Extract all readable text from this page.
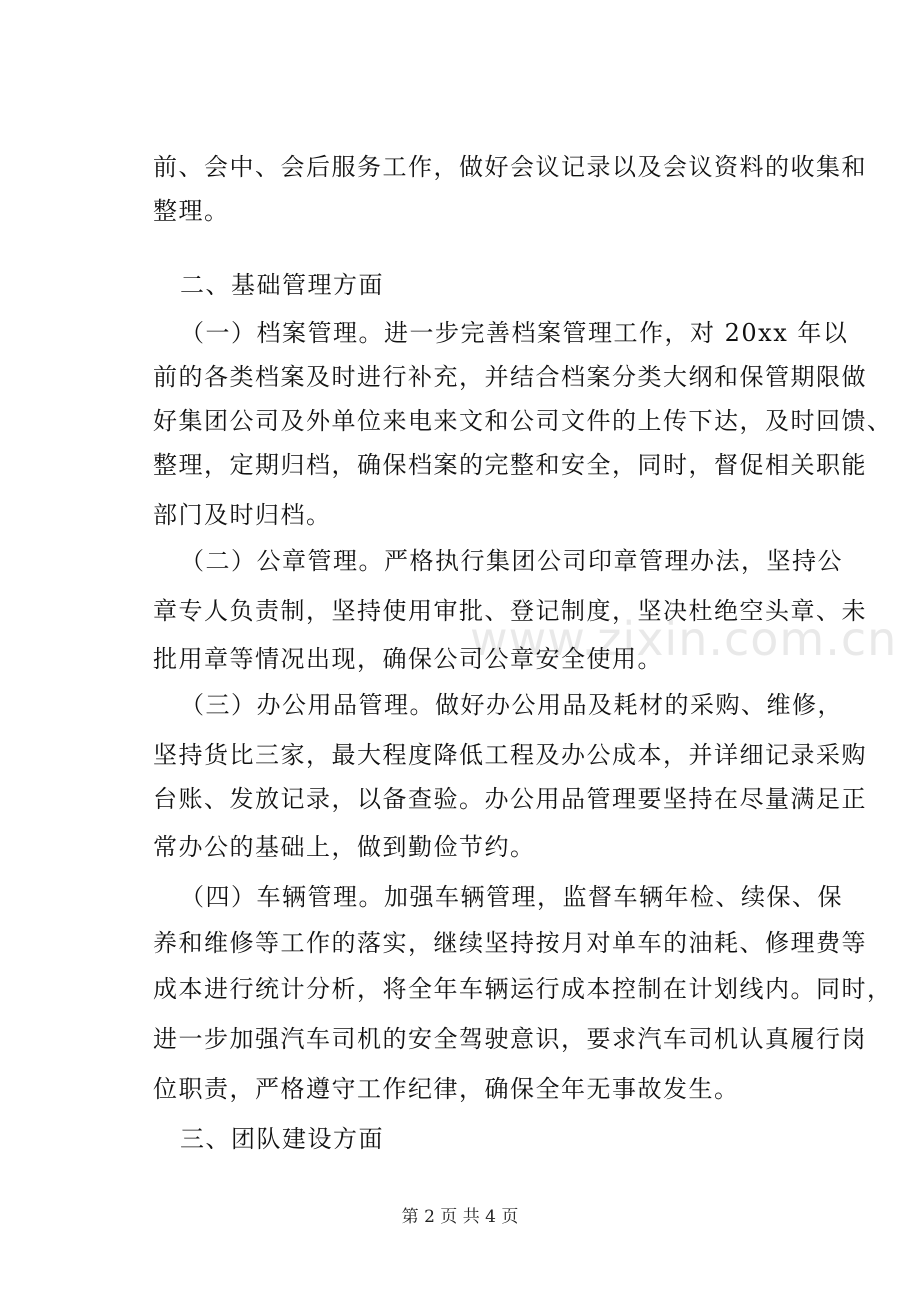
www.zixin.com.cn
前、会中、会后服务工作，做好会议记录以及会议资料的收集和
整理。
二、基础管理方面
（一）档案管理。进一步完善档案管理工作，对 20xx 年以
前的各类档案及时进行补充，并结合档案分类大纲和保管期限做
好集团公司及外单位来电来文和公司文件的上传下达，及时回馈、
整理，定期归档，确保档案的完整和安全，同时，督促相关职能
部门及时归档。
（二）公章管理。严格执行集团公司印章管理办法，坚持公
章专人负责制，坚持使用审批、登记制度，坚决杜绝空头章、未
批用章等情况出现，确保公司公章安全使用。
（三）办公用品管理。做好办公用品及耗材的采购、维修，
坚持货比三家，最大程度降低工程及办公成本，并详细记录采购
台账、发放记录，以备查验。办公用品管理要坚持在尽量满足正
常办公的基础上，做到勤俭节约。
（四）车辆管理。加强车辆管理，监督车辆年检、续保、保
养和维修等工作的落实，继续坚持按月对单车的油耗、修理费等
成本进行统计分析，将全年车辆运行成本控制在计划线内。同时，
进一步加强汽车司机的安全驾驶意识，要求汽车司机认真履行岗
位职责，严格遵守工作纪律，确保全年无事故发生。
三、团队建设方面
第 2 页 共 4 页
